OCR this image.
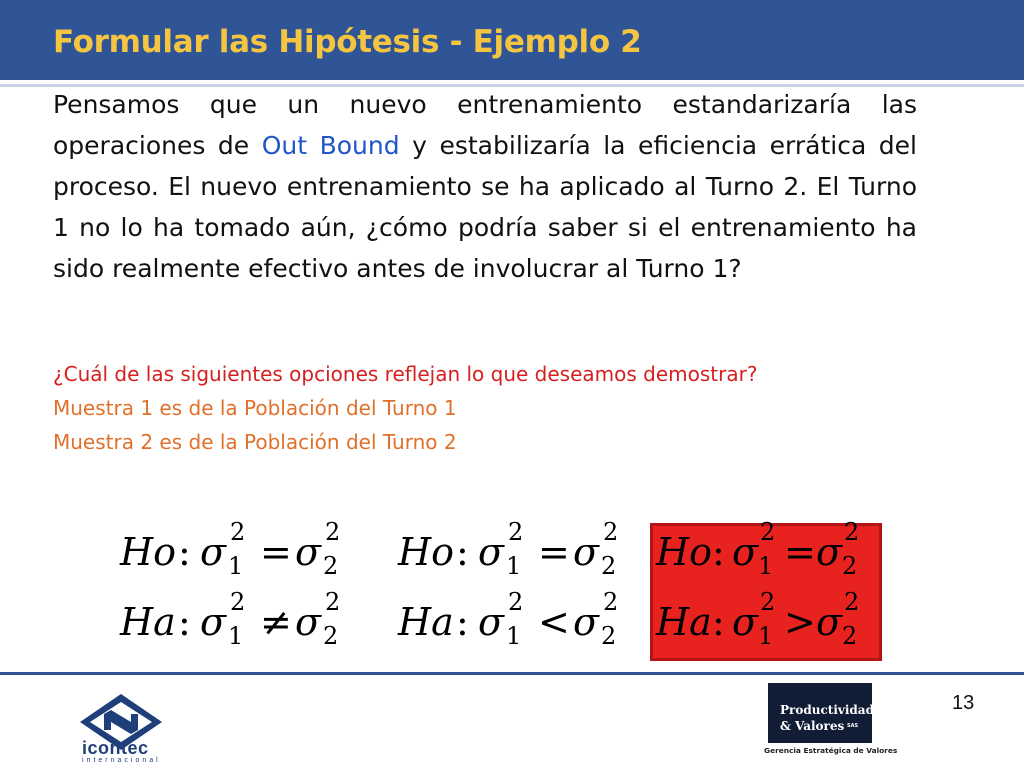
Formular las Hipótesis - Ejemplo 2
Pensamos que un nuevo entrenamiento estandarizaría las operaciones de Out Bound y estabilizaría la eficiencia errática del proceso. El nuevo entrenamiento se ha aplicado al Turno 2. El Turno 1 no lo ha tomado aún, ¿cómo podría saber si el entrenamiento ha sido realmente efectivo antes de involucrar al Turno 1?
¿Cuál de las siguientes opciones reflejan lo que deseamos demostrar?
Muestra 1 es de la Población del Turno 1
Muestra 2 es de la Población del Turno 2
Ho : σ 2
1 = σ 2
2
Ha : σ 2
1 ≠ σ 2
2
Ho : σ 2
1 = σ 2
2
Ha : σ 2
1 < σ 2
2
Ho : σ 2
1 = σ 2
2
Ha : σ 2
1 > σ 2
2
icontec
internacional
Productividad
& Valores SAS
Gerencia Estratégica de Valores
13
